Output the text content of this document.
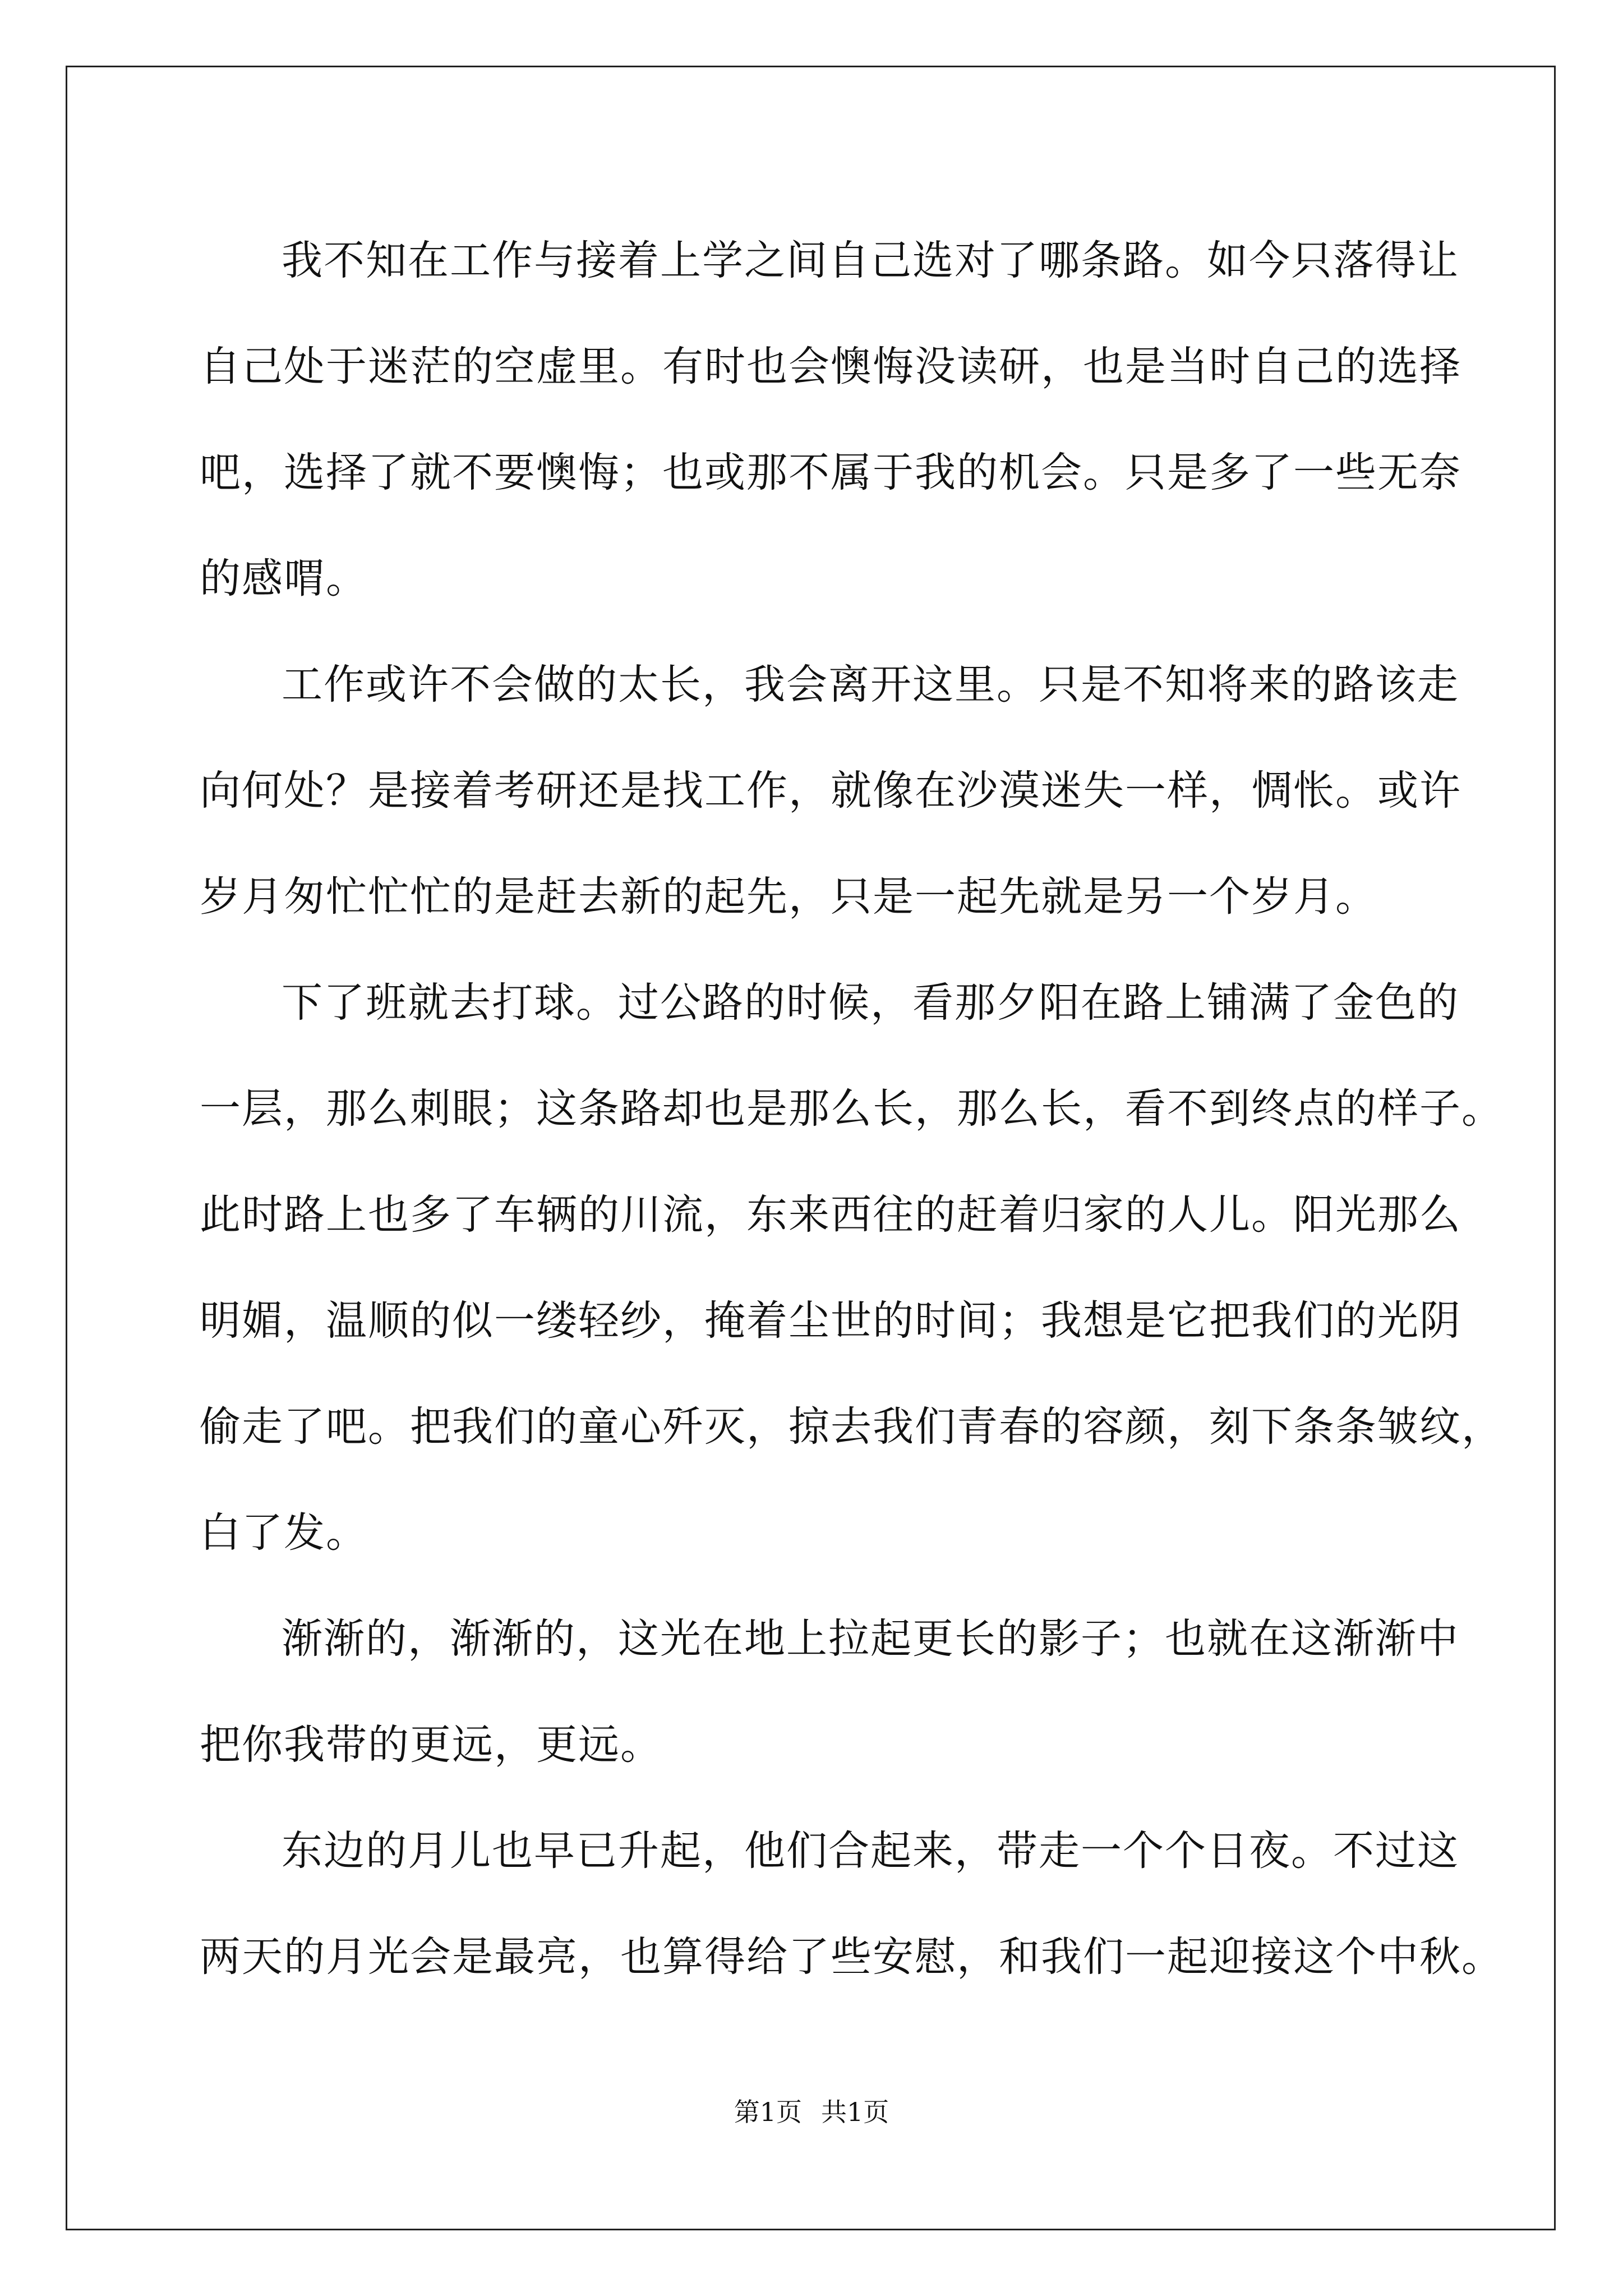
我不知在工作与接着上学之间自己选对了哪条路。如今只落得让
自己处于迷茫的空虚里。有时也会懊悔没读研，也是当时自己的选择
吧，选择了就不要懊悔；也或那不属于我的机会。只是多了一些无奈
的感喟。
工作或许不会做的太长，我会离开这里。只是不知将来的路该走
向何处？是接着考研还是找工作，就像在沙漠迷失一样，惆怅。或许
岁月匆忙忙忙的是赶去新的起先，只是一起先就是另一个岁月。
下了班就去打球。过公路的时候，看那夕阳在路上铺满了金色的
一层，那么刺眼；这条路却也是那么长，那么长，看不到终点的样子。
此时路上也多了车辆的川流，东来西往的赶着归家的人儿。阳光那么
明媚，温顺的似一缕轻纱，掩着尘世的时间；我想是它把我们的光阴
偷走了吧。把我们的童心歼灭，掠去我们青春的容颜，刻下条条皱纹，
白了发。
渐渐的，渐渐的，这光在地上拉起更长的影子；也就在这渐渐中
把你我带的更远，更远。
东边的月儿也早已升起，他们合起来，带走一个个日夜。不过这
两天的月光会是最亮，也算得给了些安慰，和我们一起迎接这个中秋。
第1页 共1页
